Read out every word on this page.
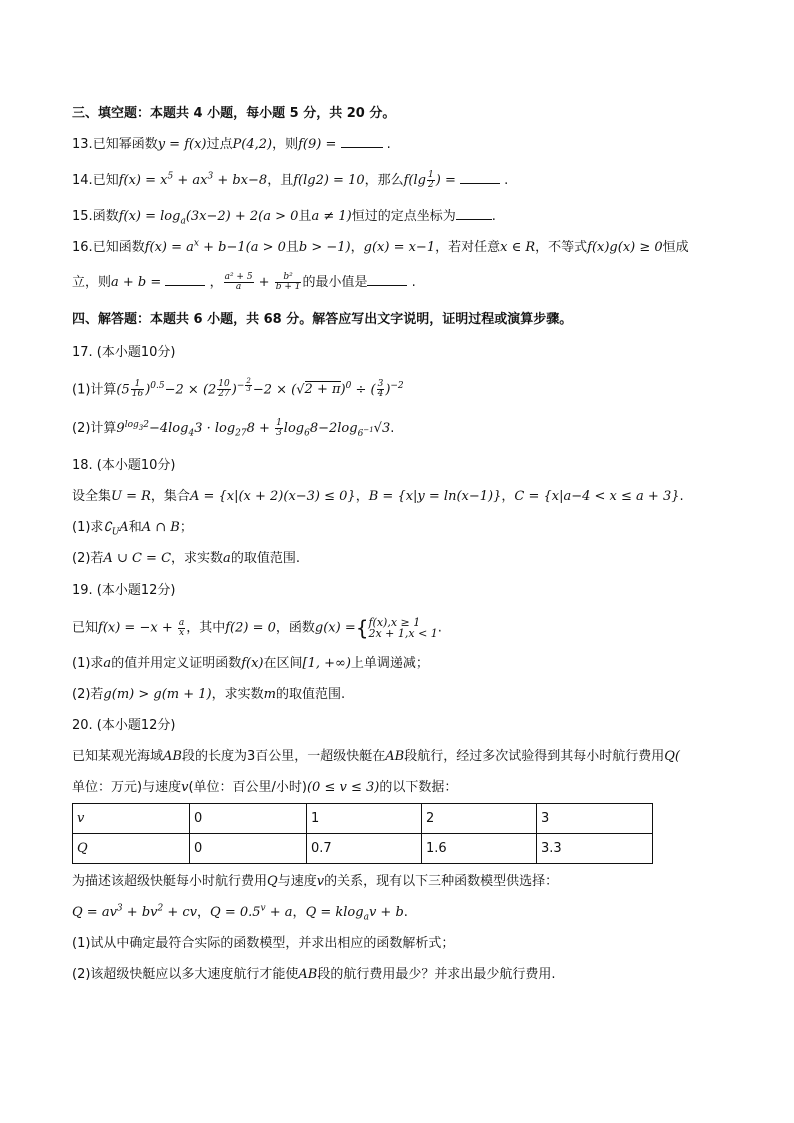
三、填空题：本题共 4 小题，每小题 5 分，共 20 分。
13.已知幂函数y = f(x)过点P(4,2)，则f(9) =	.
14.已知$f(x) = x^5 + ax^3 + bx-8$，且f(lg2) = 10，那么$f(\lg \frac{1}{2}$ ) =	.
15.函数$f(x) = \log_a(3x-2) + 2(a > 0$且a ≠ 1)恒过的定点坐标为	.
16.已知函数$f(x) = a^x + b-1(a > 0$且b > −1)，g(x) = x−1，若对任意x ∈ R，不等式f(x)g(x) ≥ 0恒成
立，则a + b =	， $\frac{\text{a² + 5}}{a} + \frac{\text{b²}}{b + 1}$ 的最小值是	.
四、解答题：本题共 6 小题，共 68 分。解答应写出文字说明，证明过程或演算步骤。
17. (本小题10分)
(1)计算$(5 \frac{1}{16} )^{0.5}-2 \times (2 \frac{10}{27} )^{- \frac{2}{3}} -2 \times (√2 + \pi)^0$ ÷ ( $\frac{3}{4} )^{-2}$
(2)计算$9^{log_32}-4\log_43 \cdot \log_{27}8 + \frac{1}{3} \log_68-2\log_{6^{-1}}√3$.
18. (本小题10分)
设全集U = R，集合A = {x|(x + 2)(x−3) ≤ 0}，B = {x|y = ln(x−1)}，C = {x|a−4 < x ≤ a + 3}.
(1)求$∁_UA$和A ∩ B；
(2)若A ∪ C = C，求实数a的取值范围.
19. (本小题12分)
已知$f(x) = -x + \frac{a}{x}$ ，其中f(2) = 0，函数g(x) ={ f(x),x ≥ 1
2x + 1,x < 1 .
(1)求a的值并用定义证明函数f(x)在区间[1, +∞)上单调递减；
(2)若g(m) > g(m + 1)，求实数m的取值范围.
20. (本小题12分)
已知某观光海域AB段的长度为3百公里，一超级快艇在AB段航行，经过多次试验得到其每小时航行费用Q(
单位：万元)与速度v(单位：百公里/小时)(0 ≤ v ≤ 3)的以下数据：
v	0	1	2	3
Q	0	0.7	1.6	3.3
为描述该超级快艇每小时航行费用Q与速度v的关系，现有以下三种函数模型供选择：
$Q = av^3 + bv^2$ + cv，$Q = 0.5^v + a$，Q = klog$_a$v + b.
(1)试从中确定最符合实际的函数模型，并求出相应的函数解析式；
(2)该超级快艇应以多大速度航行才能使AB段的航行费用最少？并求出最少航行费用.
